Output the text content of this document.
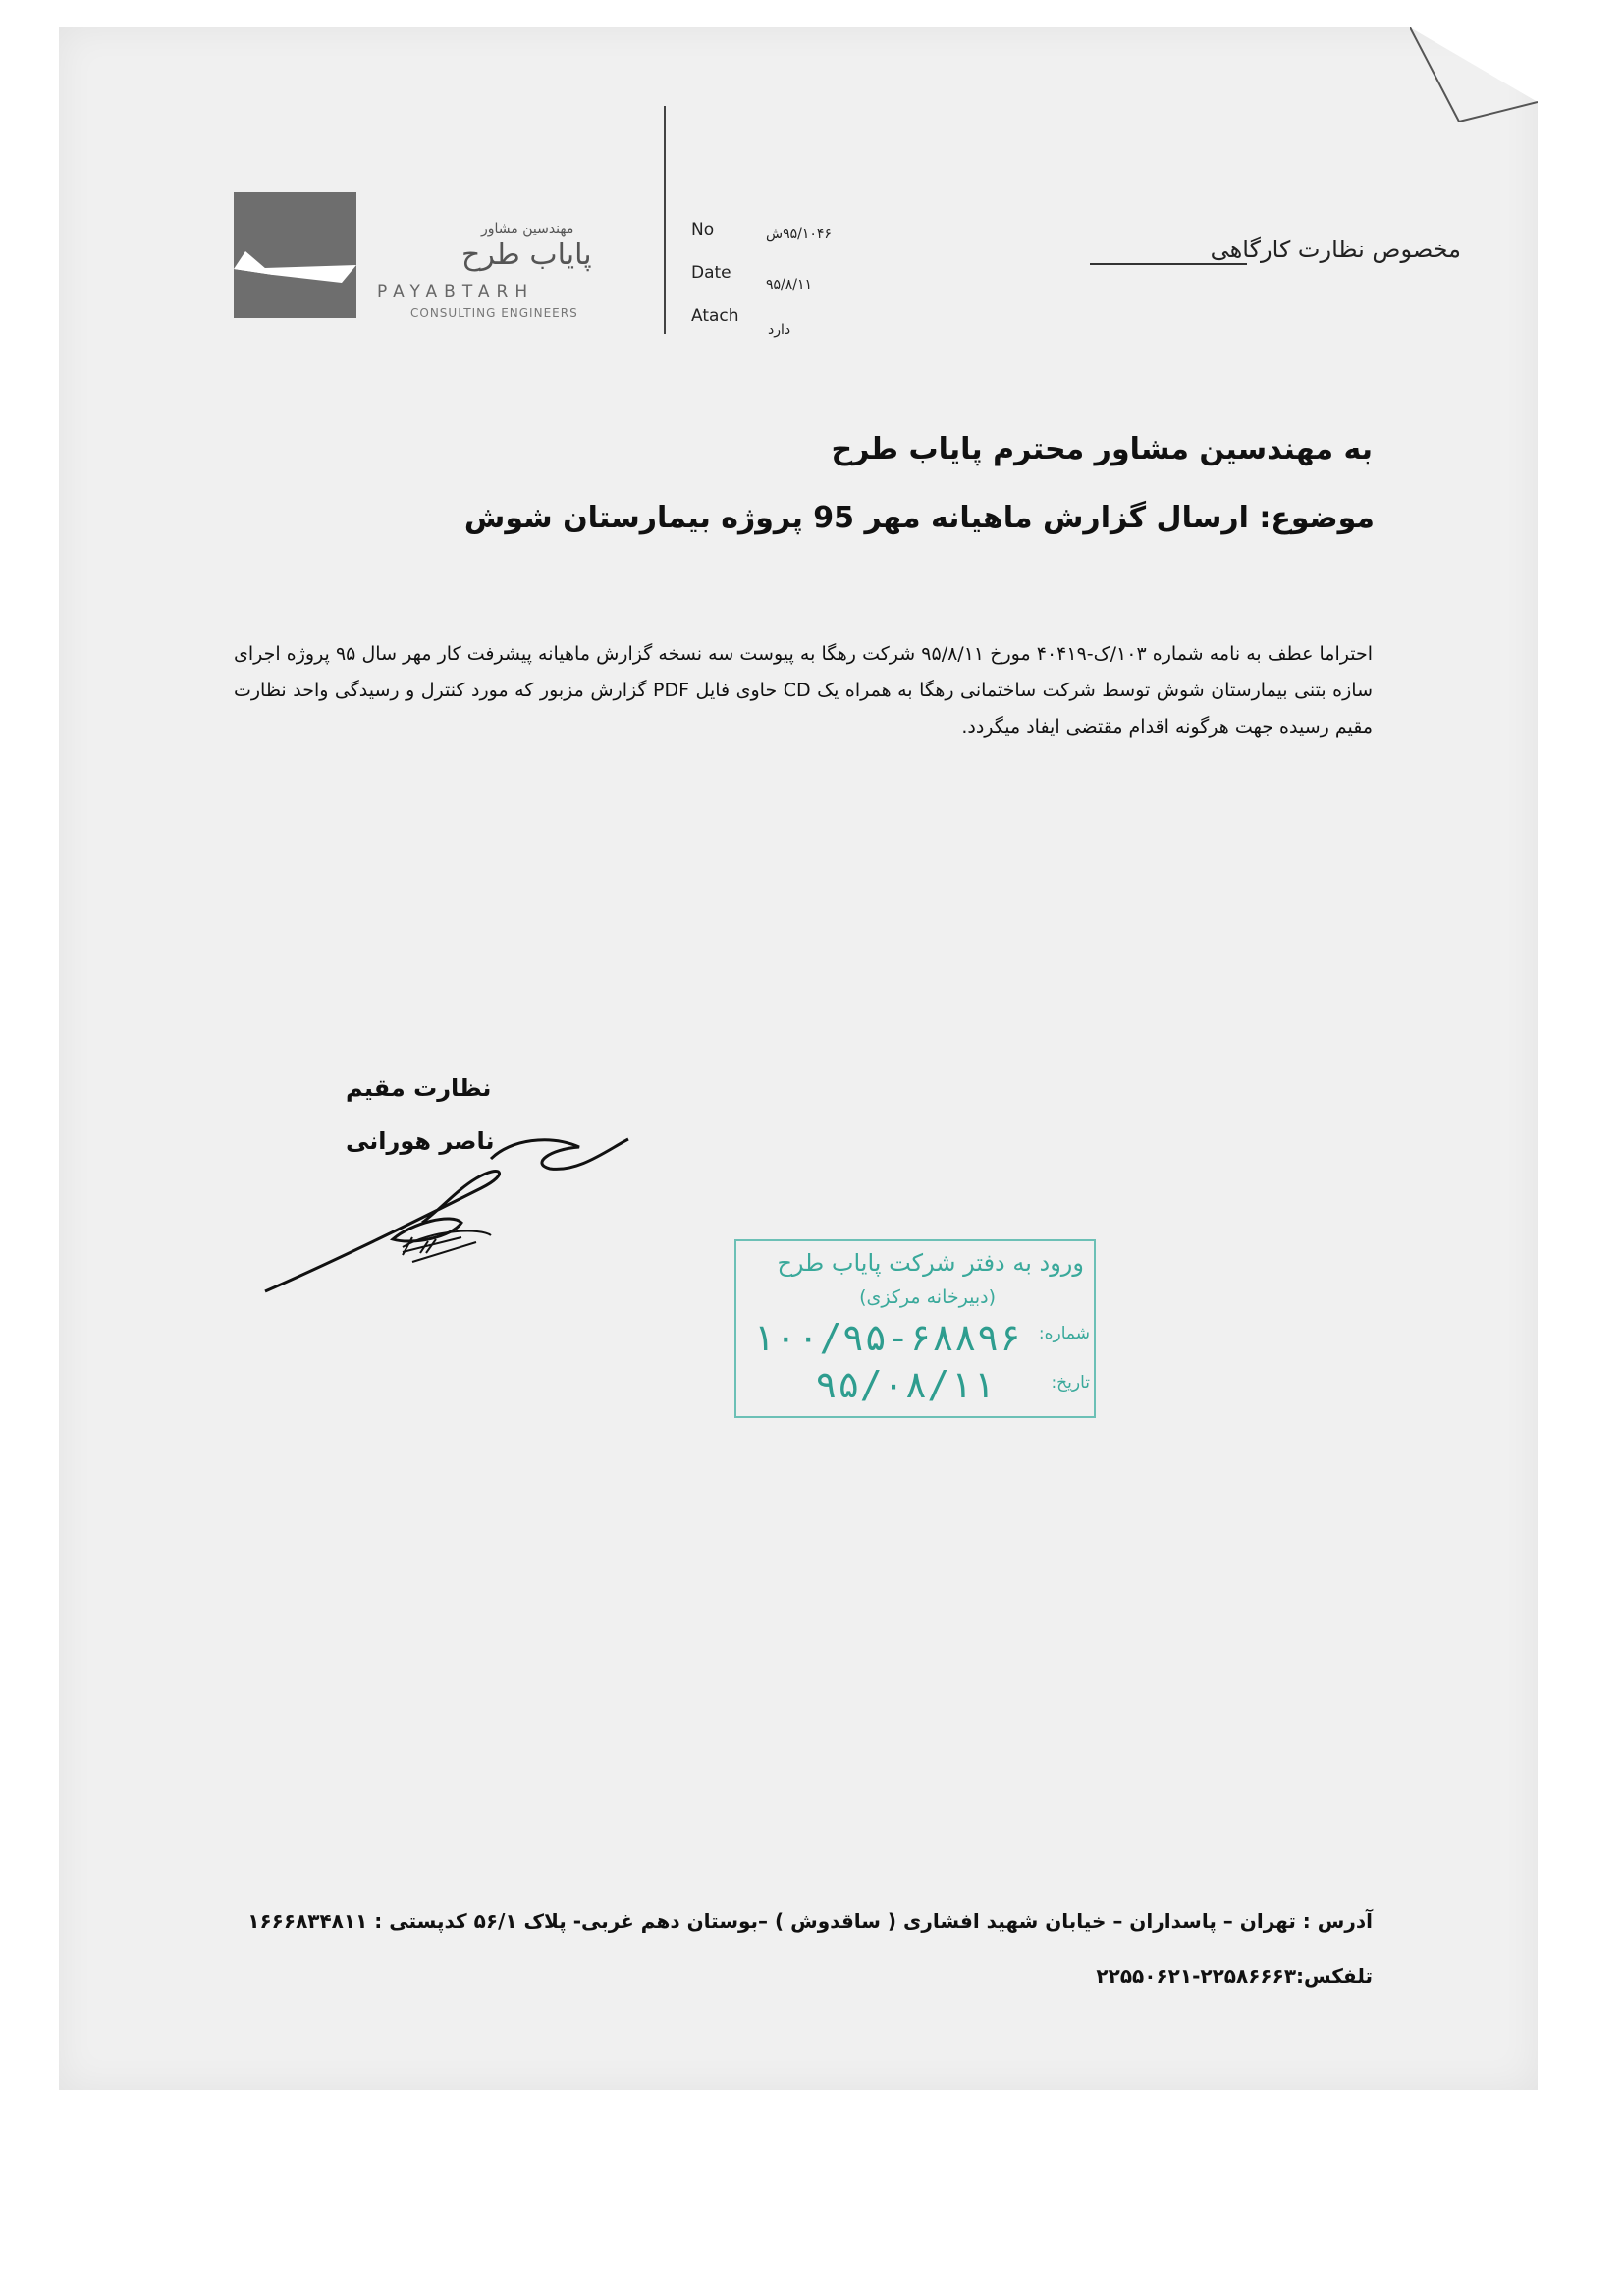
مهندسین مشاور
پایاب طرح
PAYABTARH
CONSULTING ENGINEERS
No	۹۵/۱۰۴۶ش
Date
۹۵/۸/۱۱
Atach
دارد
مخصوص نظارت کارگاهی
به مهندسین مشاور محترم پایاب طرح
موضوع: ارسال گزارش ماهیانه مهر 95 پروژه بیمارستان شوش
احتراما عطف به نامه شماره ۱۰۳/ک-۴۰۴۱۹ مورخ ۹۵/۸/۱۱ شرکت رهگا به پیوست سه نسخه گزارش ماهیانه پیشرفت کار مهر سال ۹۵ پروژه اجرای سازه بتنی بیمارستان شوش توسط شرکت ساختمانی رهگا به همراه یک CD حاوی فایل PDF گزارش مزبور که مورد کنترل و رسیدگی واحد نظارت مقیم رسیده جهت هرگونه اقدام مقتضی ایفاد میگردد.
نظارت مقیم
ناصر هورانی
ورود به دفتر شرکت پایاب طرح
(دبیرخانه مرکزی)
شماره:
تاریخ:
۱۰۰/۹۵-۶۸۸۹۶
۹۵/۰۸/۱۱
آدرس : تهران – پاسداران – خیابان شهید افشاری ( ساقدوش ) –بوستان دهم غربی- پلاک ۵۶/۱ کدپستی : ۱۶۶۶۸۳۴۸۱۱
تلفکس:۲۲۵۸۶۶۶۳-۲۲۵۵۰۶۲۱
